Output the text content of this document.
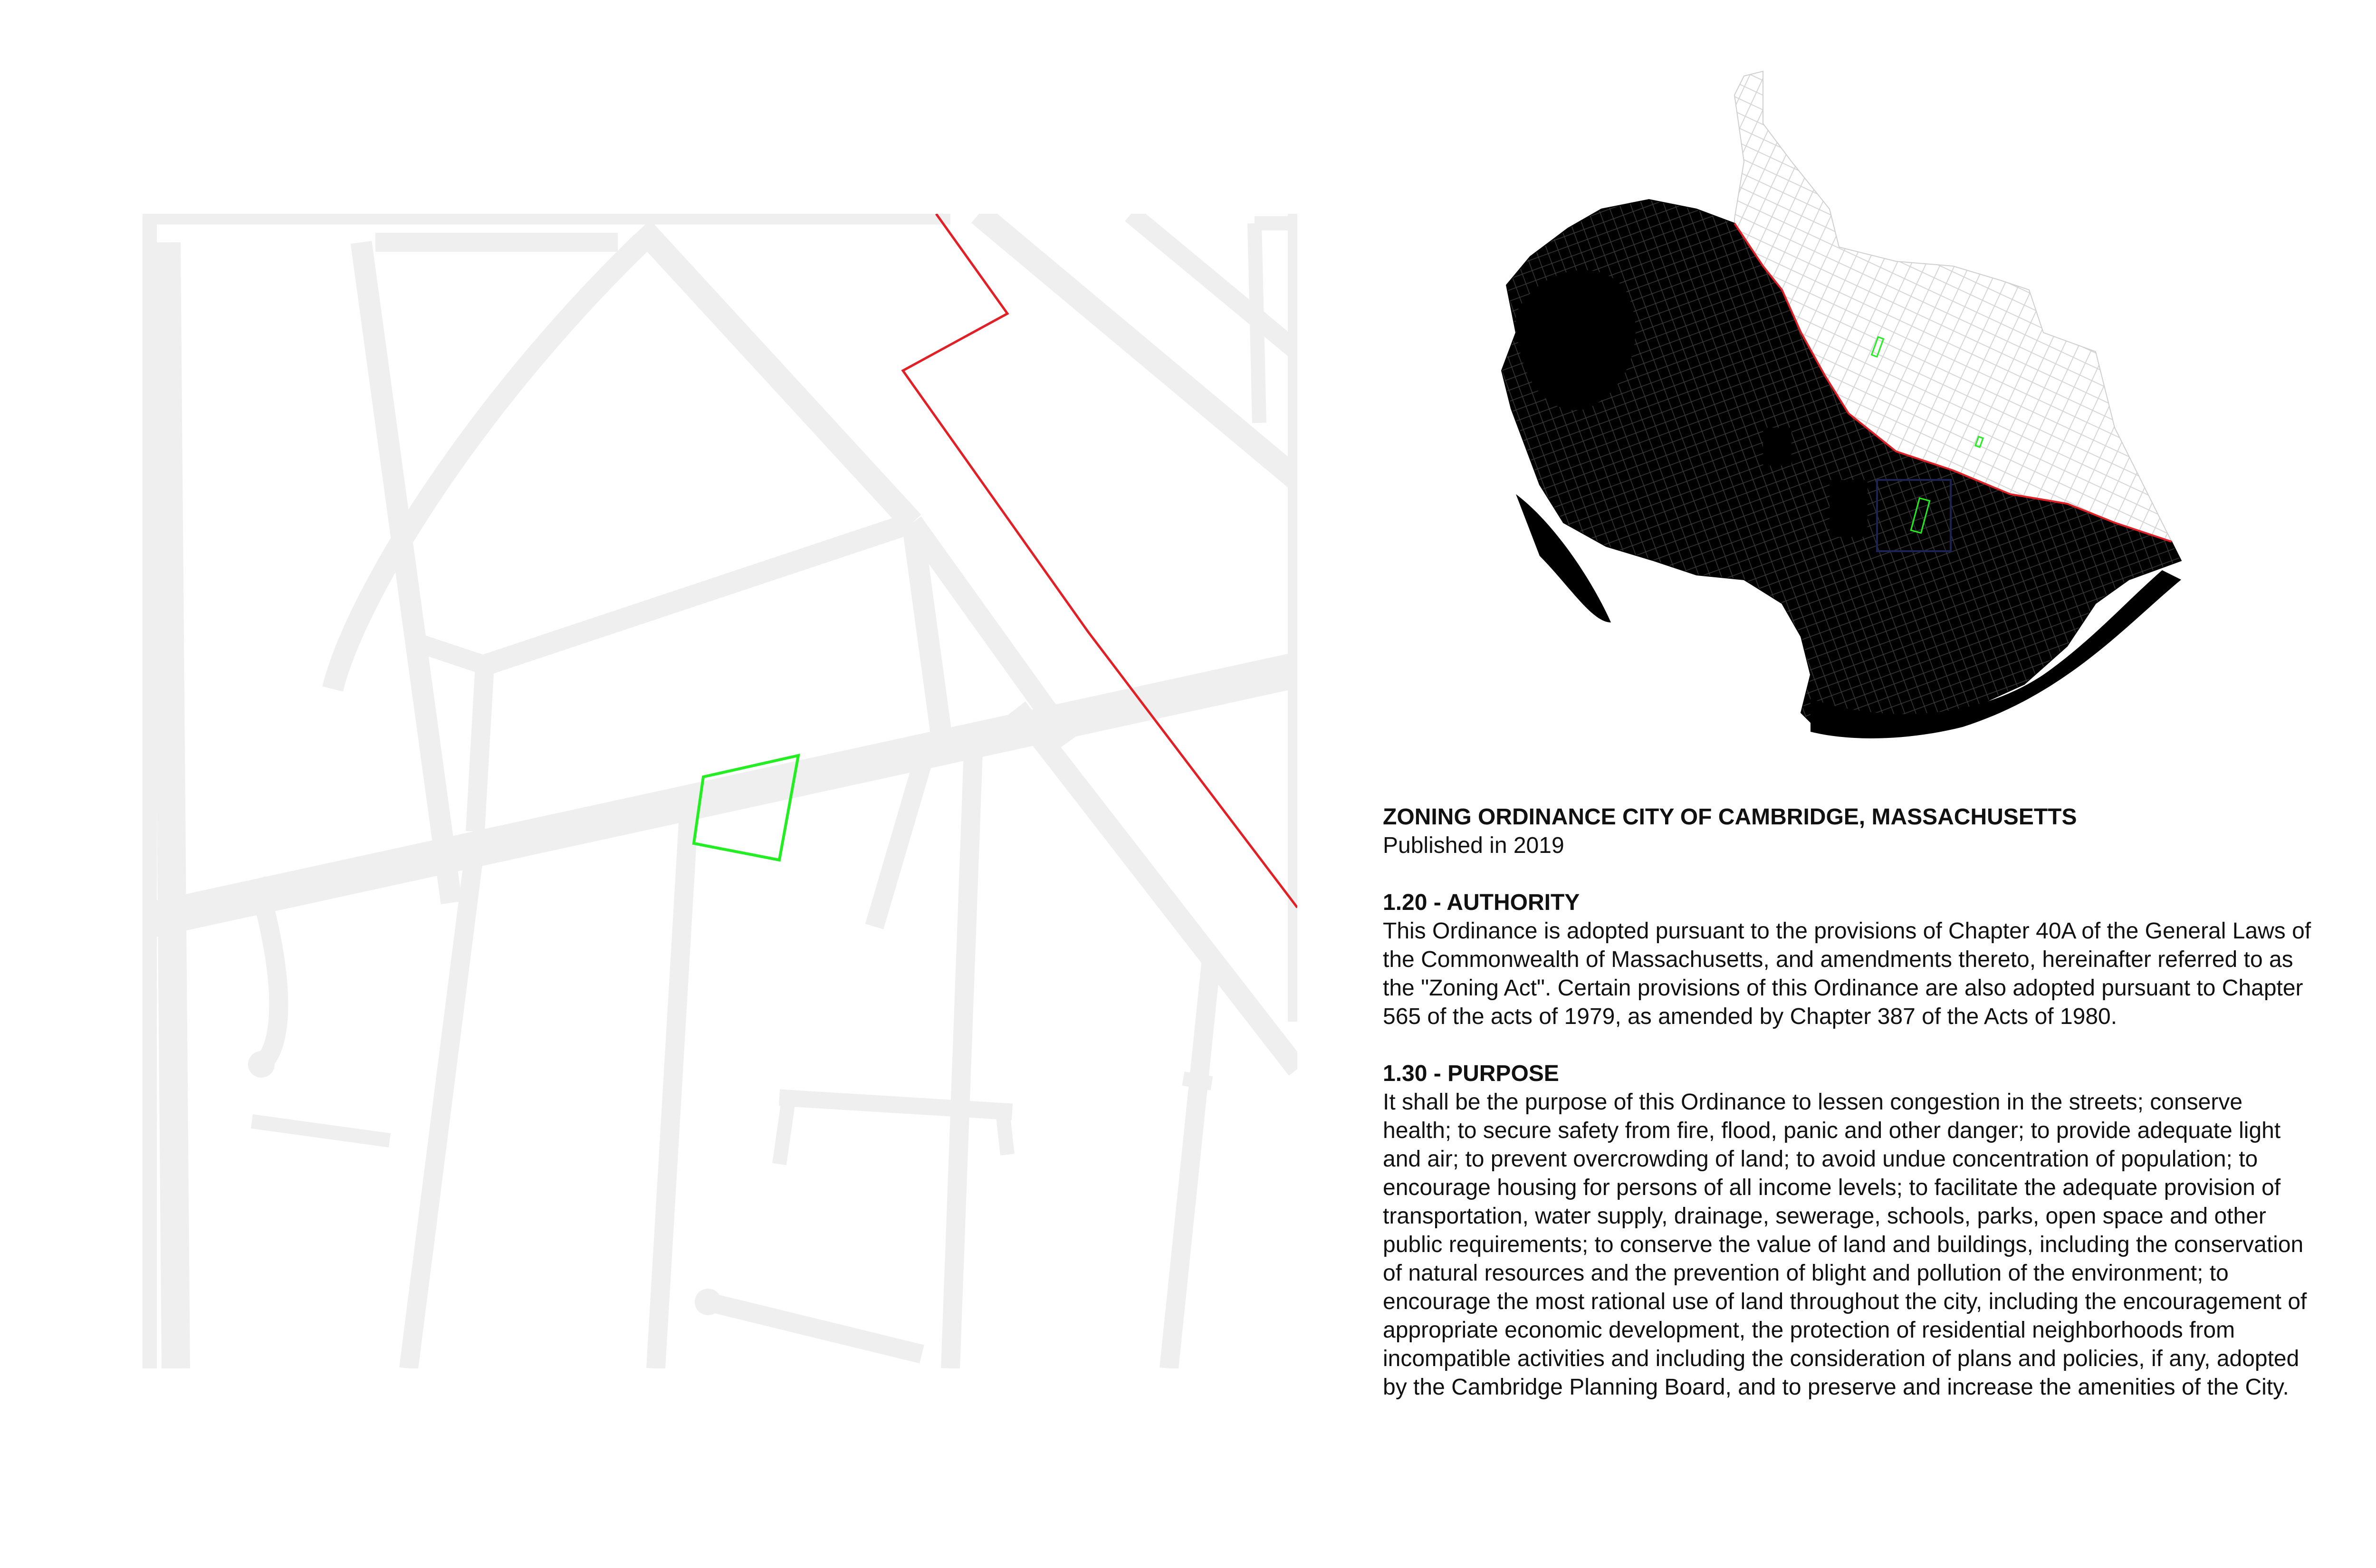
ZONING ORDINANCE CITY OF CAMBRIDGE, MASSACHUSETTS
Published in 2019
1.20 - AUTHORITY

This Ordinance is adopted pursuant to the provisions of Chapter 40A of the General Laws of the Commonwealth of Massachusetts, and amendments thereto, hereinafter referred to as the "Zoning Act". Certain provisions of this Ordinance are also adopted pursuant to Chapter 565 of the acts of 1979, as amended by Chapter 387 of the Acts of 1980.

1.30 - PURPOSE

It shall be the purpose of this Ordinance to lessen congestion in the streets; conserve health; to secure safety from fire, flood, panic and other danger; to provide adequate light and air; to prevent overcrowding of land; to avoid undue concentration of population; to encourage housing for persons of all income levels; to facilitate the adequate provision of transportation, water supply, drainage, sewerage, schools, parks, open space and other public requirements; to conserve the value of land and buildings, including the conservation of natural resources and the prevention of blight and pollution of the environment; to encourage the most rational use of land throughout the city, including the encouragement of appropriate economic development, the protection of residential neighborhoods from incompatible activities and including the consideration of plans and policies, if any, adopted by the Cambridge Planning Board, and to preserve and increase the amenities of the City.
